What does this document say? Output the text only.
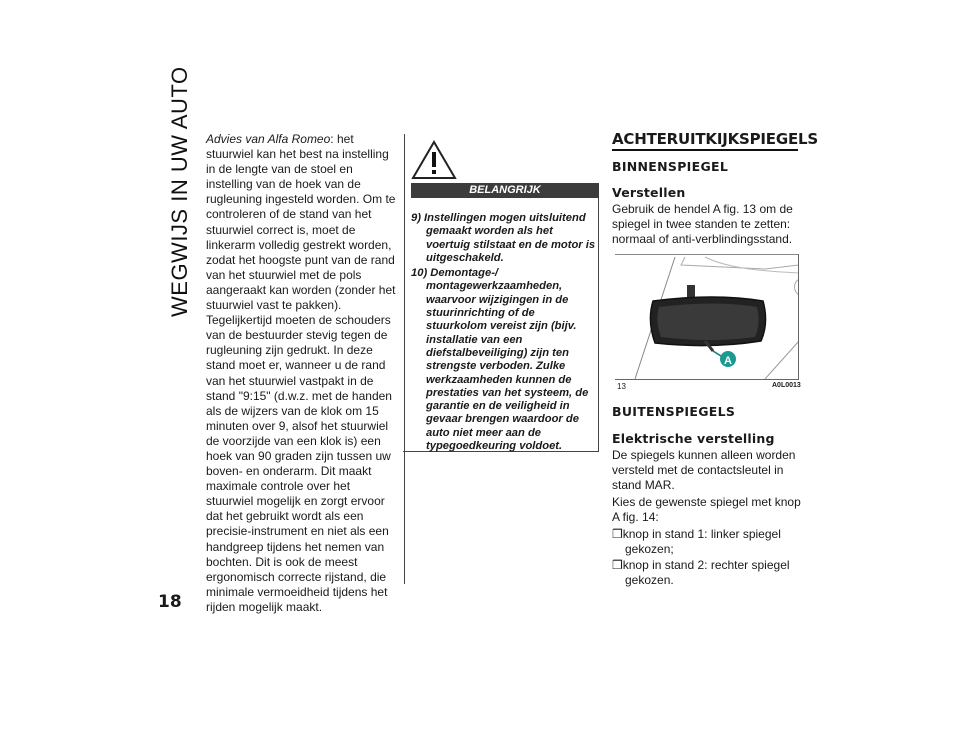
WEGWIJS IN UW AUTO
18
Advies van Alfa Romeo: het stuurwiel kan het best na instelling in de lengte van de stoel en instelling van de hoek van de rugleuning ingesteld worden. Om te controleren of de stand van het stuurwiel correct is, moet de linkerarm volledig gestrekt worden, zodat het hoogste punt van de rand van het stuurwiel met de pols aangeraakt kan worden (zonder het stuurwiel vast te pakken). Tegelijkertijd moeten de schouders van de bestuurder stevig tegen de rugleuning zijn gedrukt. In deze stand moet er, wanneer u de rand van het stuurwiel vastpakt in de stand "9:15" (d.w.z. met de handen als de wijzers van de klok om 15 minuten over 9, alsof het stuurwiel de voorzijde van een klok is) een hoek van 90 graden zijn tussen uw boven- en onderarm. Dit maakt maximale controle over het stuurwiel mogelijk en zorgt ervoor dat het gebruikt wordt als een precisie-instrument en niet als een handgreep tijdens het nemen van bochten. Dit is ook de meest ergonomisch correcte rijstand, die minimale vermoeidheid tijdens het rijden mogelijk maakt.
BELANGRIJK
9) Instellingen mogen uitsluitend gemaakt worden als het voertuig stilstaat en de motor is uitgeschakeld.
10) Demontage-/ montagewerkzaamheden, waarvoor wijzigingen in de stuurinrichting of de stuurkolom vereist zijn (bijv. installatie van een diefstalbeveiliging) zijn ten strengste verboden. Zulke werkzaamheden kunnen de prestaties van het systeem, de garantie en de veiligheid in gevaar brengen waardoor de auto niet meer aan de typegoedkeuring voldoet.
ACHTERUITKIJKSPIEGELS
BINNENSPIEGEL
Verstellen
Gebruik de hendel A fig. 13 om de spiegel in twee standen te zetten: normaal of anti-verblindingsstand.
A
13	A0L0013
BUITENSPIEGELS
Elektrische verstelling
De spiegels kunnen alleen worden versteld met de contactsleutel in stand MAR.
Kies de gewenste spiegel met knop A fig. 14:
❒knop in stand 1: linker spiegel gekozen;
❒knop in stand 2: rechter spiegel gekozen.
